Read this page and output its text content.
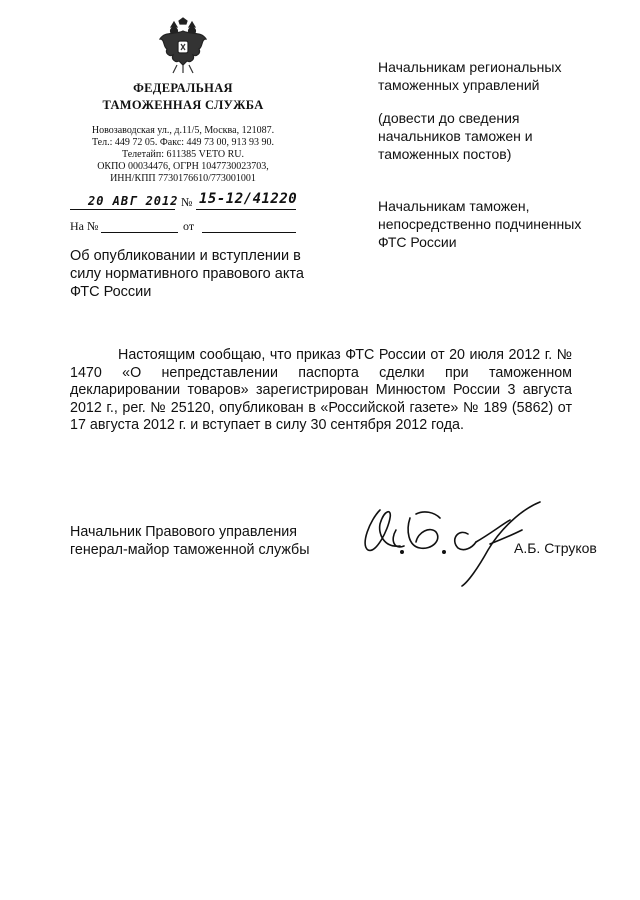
ФЕДЕРАЛЬНАЯ
ТАМОЖЕННАЯ СЛУЖБА
Новозаводская ул., д.11/5, Москва, 121087.
Тел.: 449 72 05. Факс: 449 73 00, 913 93 90.
Телетайп: 611385 VETO RU.
ОКПО 00034476, ОГРН 1047730023703,
ИНН/КПП 7730176610/773001001
20 АВГ 2012 № 15-12/41220
На №	от
Начальникам региональных
таможенных управлений
(довести до сведения
начальников таможен и
таможенных постов)
Начальникам таможен,
непосредственно подчиненных
ФТС России
Об опубликовании и вступлении в
силу нормативного правового акта
ФТС России
Настоящим сообщаю, что приказ ФТС России от 20 июля 2012 г. № 1470 «О непредставлении паспорта сделки при таможенном декларировании товаров» зарегистрирован Минюстом России 3 августа 2012 г., рег. № 25120, опубликован в «Российской газете» № 189 (5862) от 17 августа 2012 г. и вступает в силу 30 сентября 2012 года.
Начальник Правового управления
генерал-майор таможенной службы	А.Б. Струков
